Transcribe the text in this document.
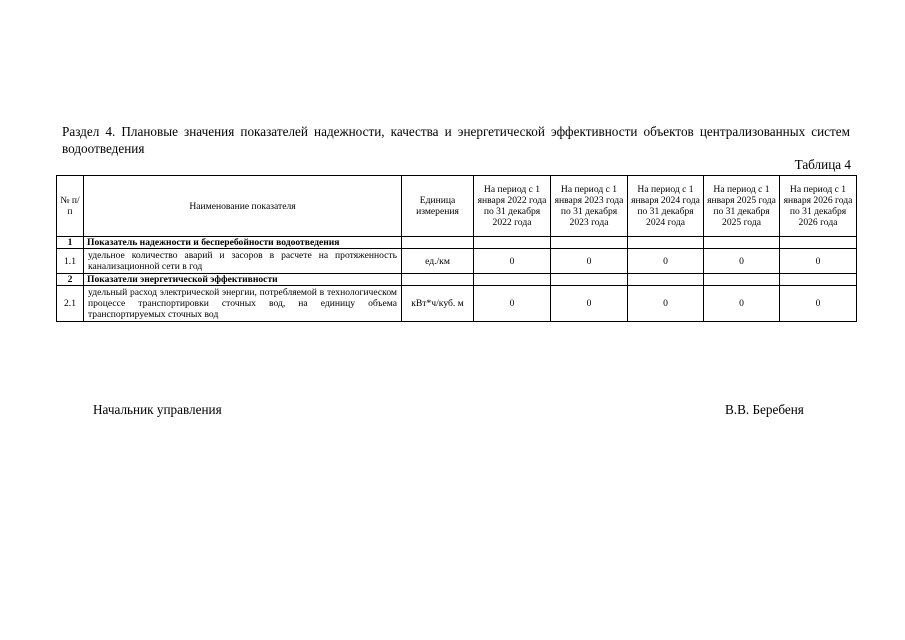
Раздел 4. Плановые значения показателей надежности, качества и энергетической эффективности объектов централизованных систем водоотведения
Таблица 4
№ п/п	Наименование показателя	Единица измерения	На период с 1 января 2022 года по 31 декабря 2022 года	На период с 1 января 2023 года по 31 декабря 2023 года	На период с 1 января 2024 года по 31 декабря 2024 года	На период с 1 января 2025 года по 31 декабря 2025 года	На период с 1 января 2026 года по 31 декабря 2026 года
1	Показатель надежности и бесперебойности водоотведения						
1.1	удельное количество аварий и засоров в расчете на протяженность канализационной сети в год	ед./км	0	0	0	0	0
2	Показатели энергетической эффективности						
2.1	удельный расход электрической энергии, потребляемой в технологическом процессе транспортировки сточных вод, на единицу объема транспортируемых сточных вод	кВт*ч/куб. м	0	0	0	0	0
Начальник управления	В.В. Беребеня
